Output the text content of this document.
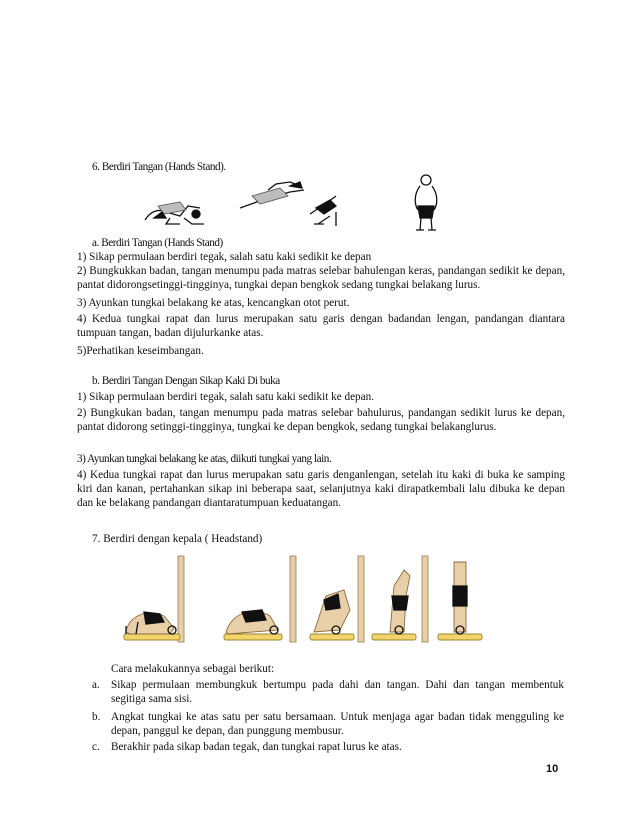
6. Berdiri Tangan (Hands Stand).
a. Berdiri Tangan (Hands Stand)
1) Sikap permulaan berdiri tegak, salah satu kaki sedikit ke depan
2) Bungkukkan badan, tangan menumpu pada matras selebar bahulengan keras, pandangan sedikit ke depan, pantat didorongsetinggi-tingginya, tungkai depan bengkok sedang tungkai belakang lurus.
3) Ayunkan tungkai belakang ke atas, kencangkan otot perut.
4) Kedua tungkai rapat dan lurus merupakan satu garis dengan badandan lengan, pandangan diantara tumpuan tangan, badan dijulurkanke atas.
5)Perhatikan keseimbangan.
b. Berdiri Tangan Dengan Sikap Kaki Di buka
1) Sikap permulaan berdiri tegak, salah satu kaki sedikit ke depan.
2) Bungkukan badan, tangan menumpu pada matras selebar bahulurus, pandangan sedikit lurus ke depan, pantat didorong setinggi-tingginya, tungkai ke depan bengkok, sedang tungkai belakanglurus.
3) Ayunkan tungkai belakang ke atas, diikuti tungkai yang lain.
4) Kedua tungkai rapat dan lurus merupakan satu garis denganlengan, setelah itu kaki di buka ke samping kiri dan kanan, pertahankan sikap ini beberapa saat, selanjutnya kaki dirapatkembali lalu dibuka ke depan dan ke belakang pandangan diantaratumpuan keduatangan.
7. Berdiri dengan kepala ( Headstand)
Cara melakukannya sebagai berikut:
a. Sikap permulaan membungkuk bertumpu pada dahi dan tangan. Dahi dan tangan membentuk segitiga sama sisi.
b. Angkat tungkai ke atas satu per satu bersamaan. Untuk menjaga agar badan tidak mengguling ke depan, panggul ke depan, dan punggung membusur.
c. Berakhir pada sikap badan tegak, dan tungkai rapat lurus ke atas.
10
